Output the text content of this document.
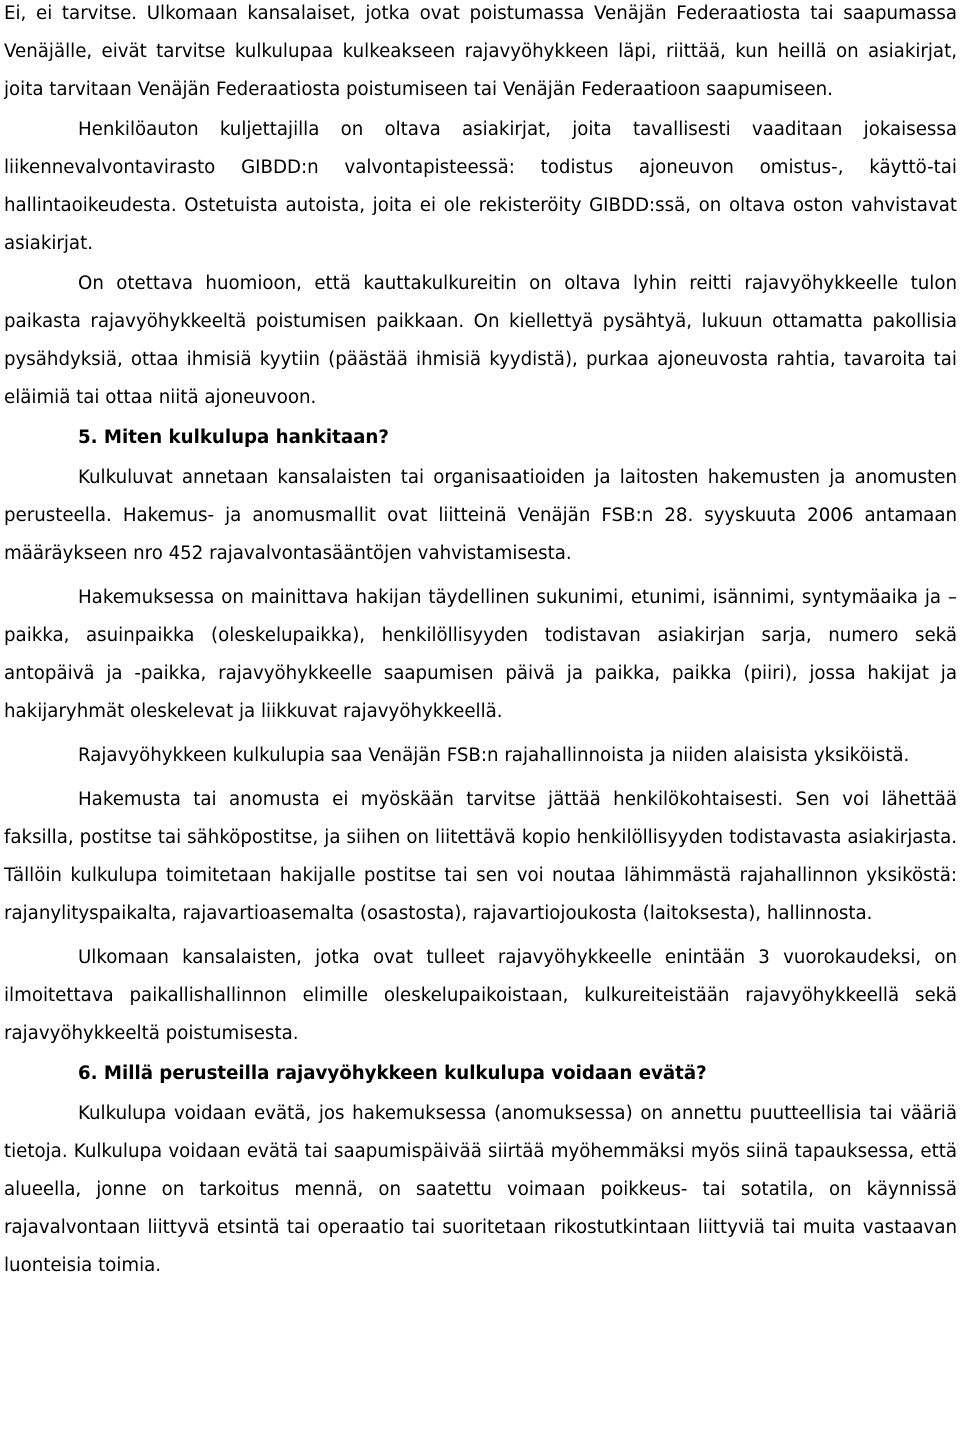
Ei, ei tarvitse. Ulkomaan kansalaiset, jotka ovat poistumassa Venäjän Federaatiosta tai saapumassa Venäjälle, eivät tarvitse kulkulupaa kulkeakseen rajavyöhykkeen läpi, riittää, kun heillä on asiakirjat, joita tarvitaan Venäjän Federaatiosta poistumiseen tai Venäjän Federaatioon saapumiseen.

Henkilöauton kuljettajilla on oltava asiakirjat, joita tavallisesti vaaditaan jokaisessa liikennevalvontavirasto GIBDD:n valvontapisteessä: todistus ajoneuvon omistus-, käyttö-tai hallintaoikeudesta. Ostetuista autoista, joita ei ole rekisteröity GIBDD:ssä, on oltava oston vahvistavat asiakirjat.

On otettava huomioon, että kauttakulkureitin on oltava lyhin reitti rajavyöhykkeelle tulon paikasta rajavyöhykkeeltä poistumisen paikkaan. On kiellettyä pysähtyä, lukuun ottamatta pakollisia pysähdyksiä, ottaa ihmisiä kyytiin (päästää ihmisiä kyydistä), purkaa ajoneuvosta rahtia, tavaroita tai eläimiä tai ottaa niitä ajoneuvoon.

5. Miten kulkulupa hankitaan?

Kulkuluvat annetaan kansalaisten tai organisaatioiden ja laitosten hakemusten ja anomusten perusteella. Hakemus- ja anomusmallit ovat liitteinä Venäjän FSB:n 28. syyskuuta 2006 antamaan määräykseen nro 452 rajavalvontasääntöjen vahvistamisesta.

Hakemuksessa on mainittava hakijan täydellinen sukunimi, etunimi, isännimi, syntymäaika ja –paikka, asuinpaikka (oleskelupaikka), henkilöllisyyden todistavan asiakirjan sarja, numero sekä antopäivä ja -paikka, rajavyöhykkeelle saapumisen päivä ja paikka, paikka (piiri), jossa hakijat ja hakijaryhmät oleskelevat ja liikkuvat rajavyöhykkeellä.

Rajavyöhykkeen kulkulupia saa Venäjän FSB:n rajahallinnoista ja niiden alaisista yksiköistä.

Hakemusta tai anomusta ei myöskään tarvitse jättää henkilökohtaisesti. Sen voi lähettää faksilla, postitse tai sähköpostitse, ja siihen on liitettävä kopio henkilöllisyyden todistavasta asiakirjasta. Tällöin kulkulupa toimitetaan hakijalle postitse tai sen voi noutaa lähimmästä rajahallinnon yksiköstä: rajanylityspaikalta, rajavartioasemalta (osastosta), rajavartiojoukosta (laitoksesta), hallinnosta.

Ulkomaan kansalaisten, jotka ovat tulleet rajavyöhykkeelle enintään 3 vuorokaudeksi, on ilmoitettava paikallishallinnon elimille oleskelupaikoistaan, kulkureiteistään rajavyöhykkeellä sekä rajavyöhykkeeltä poistumisesta.

6. Millä perusteilla rajavyöhykkeen kulkulupa voidaan evätä?

Kulkulupa voidaan evätä, jos hakemuksessa (anomuksessa) on annettu puutteellisia tai vääriä tietoja. Kulkulupa voidaan evätä tai saapumispäivää siirtää myöhemmäksi myös siinä tapauksessa, että alueella, jonne on tarkoitus mennä, on saatettu voimaan poikkeus- tai sotatila, on käynnissä rajavalvontaan liittyvä etsintä tai operaatio tai suoritetaan rikostutkintaan liittyviä tai muita vastaavan luonteisia toimia.
